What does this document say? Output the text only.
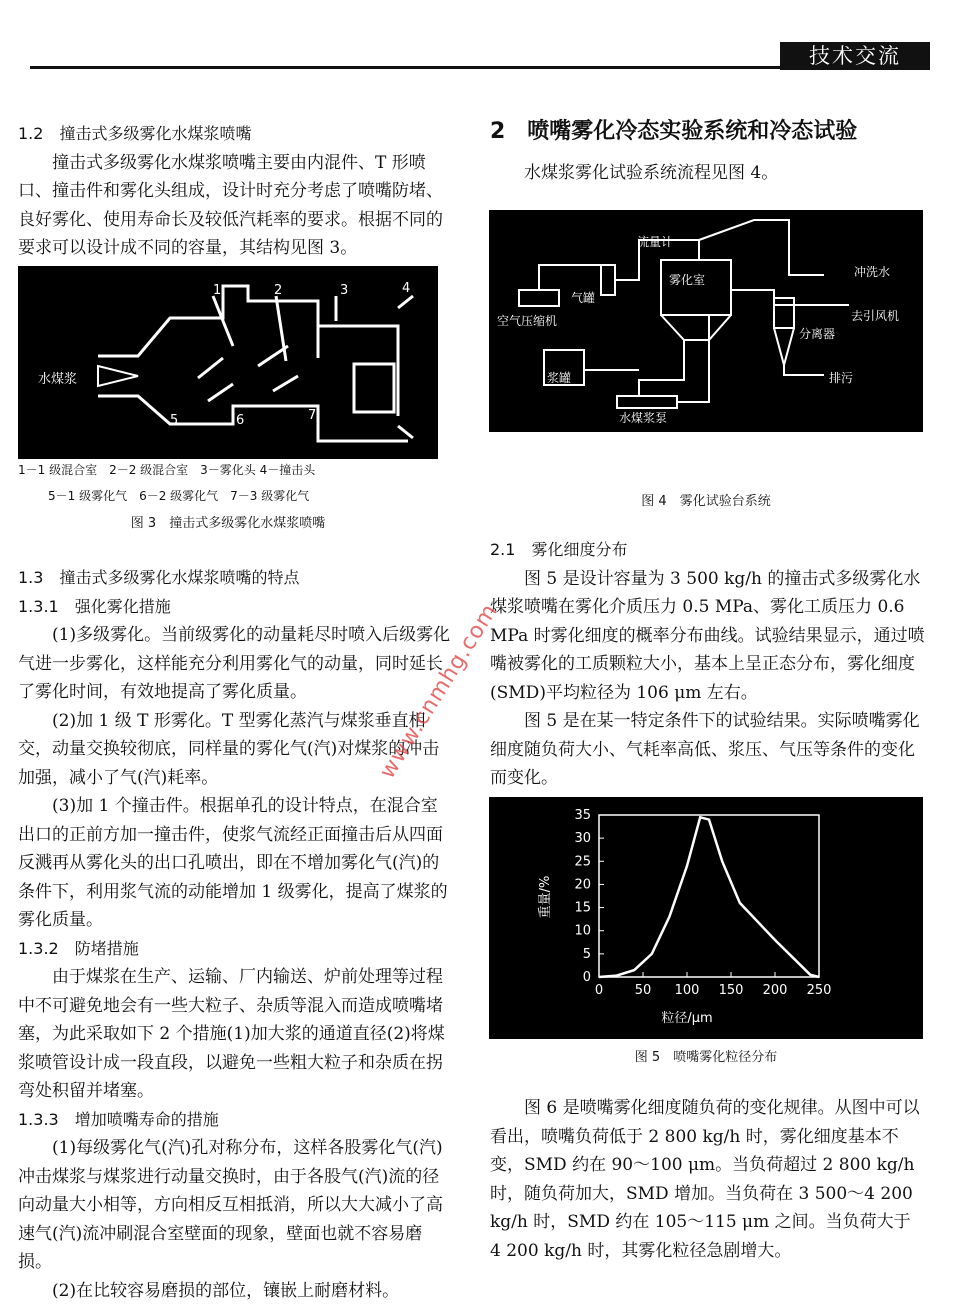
技术交流

1.2　撞击式多级雾化水煤浆喷嘴

撞击式多级雾化水煤浆喷嘴主要由内混件、T 形喷口、撞击件和雾化头组成，设计时充分考虑了喷嘴防堵、良好雾化、使用寿命长及较低汽耗率的要求。根据不同的要求可以设计成不同的容量，其结构见图 3。

水煤浆
1	2	3	4
5	6	7
1－1 级混合室　2－2 级混合室　3－雾化头 4－撞击头
5－1 级雾化气　6－2 级雾化气　7－3 级雾化气
图 3　撞击式多级雾化水煤浆喷嘴

1.3　撞击式多级雾化水煤浆喷嘴的特点

1.3.1　强化雾化措施

(1)多级雾化。当前级雾化的动量耗尽时喷入后级雾化气进一步雾化，这样能充分利用雾化气的动量，同时延长了雾化时间，有效地提高了雾化质量。

(2)加 1 级 T 形雾化。T 型雾化蒸汽与煤浆垂直相交，动量交换较彻底，同样量的雾化气(汽)对煤浆的冲击加强，减小了气(汽)耗率。

(3)加 1 个撞击件。根据单孔的设计特点，在混合室出口的正前方加一撞击件，使浆气流经正面撞击后从四面反溅再从雾化头的出口孔喷出，即在不增加雾化气(汽)的条件下，利用浆气流的动能增加 1 级雾化，提高了煤浆的雾化质量。

1.3.2　防堵措施

由于煤浆在生产、运输、厂内输送、炉前处理等过程中不可避免地会有一些大粒子、杂质等混入而造成喷嘴堵塞，为此采取如下 2 个措施(1)加大浆的通道直径(2)将煤浆喷管设计成一段直段，以避免一些粗大粒子和杂质在拐弯处积留并堵塞。

1.3.3　增加喷嘴寿命的措施

(1)每级雾化气(汽)孔对称分布，这样各股雾化气(汽)冲击煤浆与煤浆进行动量交换时，由于各股气(汽)流的径向动量大小相等，方向相反互相抵消，所以大大减小了高速气(汽)流冲刷混合室壁面的现象，壁面也就不容易磨损。

(2)在比较容易磨损的部位，镶嵌上耐磨材料。

2　喷嘴雾化冷态实验系统和冷态试验

水煤浆雾化试验系统流程见图 4。

流量计
雾化室
冲洗水
气罐
空气压缩机	去引风机
分离器
浆罐	排污
水煤浆泵
图 4　雾化试验台系统

2.1　雾化细度分布

图 5 是设计容量为 3 500 kg/h 的撞击式多级雾化水煤浆喷嘴在雾化介质压力 0.5 MPa、雾化工质压力 0.6 MPa 时雾化细度的概率分布曲线。试验结果显示，通过喷嘴被雾化的工质颗粒大小，基本上呈正态分布，雾化细度(SMD)平均粒径为 106 μm 左右。

图 5 是在某一特定条件下的试验结果。实际喷嘴雾化细度随负荷大小、气耗率高低、浆压、气压等条件的变化而变化。

0 50 100 150 200 250
0
5
10
15
20
25
30
35
重量/%
粒径/μm
图 5　喷嘴雾化粒径分布

图 6 是喷嘴雾化细度随负荷的变化规律。从图中可以看出，喷嘴负荷低于 2 800 kg/h 时，雾化细度基本不变，SMD 约在 90～100 μm。当负荷超过 2 800 kg/h 时，随负荷加大，SMD 增加。当负荷在 3 500～4 200 kg/h 时，SMD 约在 105～115 μm 之间。当负荷大于 4 200 kg/h 时，其雾化粒径急剧增大。

www.cnmhg.com
